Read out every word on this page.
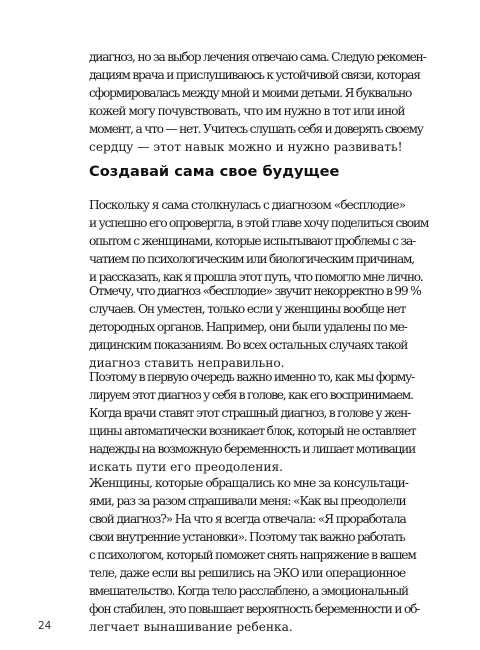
диагноз, но за выбор лечения отвечаю сама. Следую рекомен-
дациям врача и прислушиваюсь к устойчивой связи, которая
сформировалась между мной и моими детьми. Я буквально
кожей могу почувствовать, что им нужно в тот или иной
момент, а что — нет. Учитесь слушать себя и доверять своему
сердцу — этот навык можно и нужно развивать!

Создавай сама свое будущее

Поскольку я сама столкнулась с диагнозом «бесплодие»
и успешно его опровергла, в этой главе хочу поделиться своим
опытом с женщинами, которые испытывают проблемы с за-
чатием по психологическим или биологическим причинам,
и рассказать, как я прошла этот путь, что помогло мне лично.

Отмечу, что диагноз «бесплодие» звучит некорректно в 99 %
случаев. Он уместен, только если у женщины вообще нет
детородных органов. Например, они были удалены по ме-
дицинским показаниям. Во всех остальных случаях такой
диагноз ставить неправильно.

Поэтому в первую очередь важно именно то, как мы форму-
лируем этот диагноз у себя в голове, как его воспринимаем.
Когда врачи ставят этот страшный диагноз, в голове у жен-
щины автоматически возникает блок, который не оставляет
надежды на возможную беременность и лишает мотивации
искать пути его преодоления.

Женщины, которые обращались ко мне за консультаци-
ями, раз за разом спрашивали меня: «Как вы преодолели
свой диагноз?» На что я всегда отвечала: «Я проработала
свои внутренние установки». Поэтому так важно работать
с психологом, который поможет снять напряжение в вашем
теле, даже если вы решились на ЭКО или операционное
вмешательство. Когда тело расслаблено, а эмоциональный
фон стабилен, это повышает вероятность беременности и об-
легчает вынашивание ребенка.

24
